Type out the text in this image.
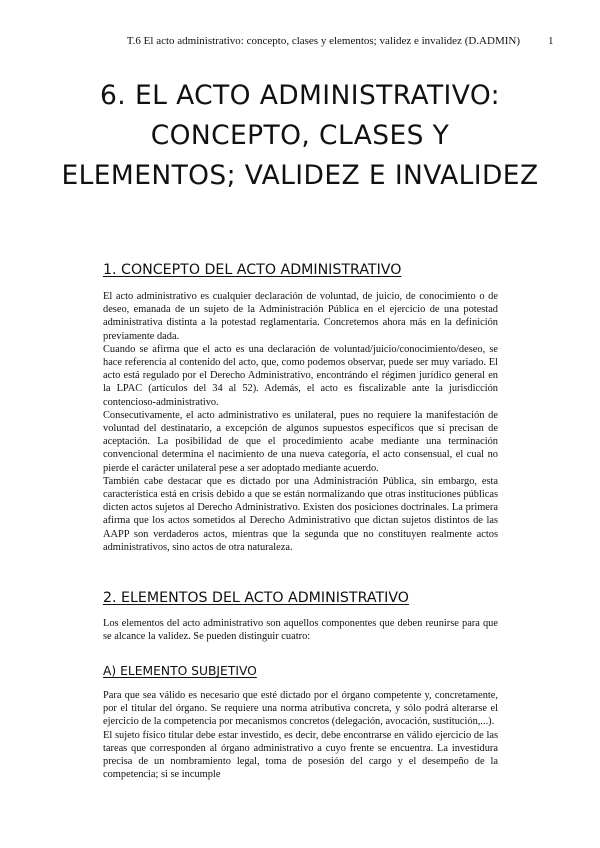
T.6 El acto administrativo: concepto, clases y elementos; validez e invalidez (D.ADMIN)	1
6. EL ACTO ADMINISTRATIVO: CONCEPTO, CLASES Y ELEMENTOS; VALIDEZ E INVALIDEZ
1. CONCEPTO DEL ACTO ADMINISTRATIVO

El acto administrativo es cualquier declaración de voluntad, de juicio, de conocimiento o de deseo, emanada de un sujeto de la Administración Pública en el ejercicio de una potestad administrativa distinta a la potestad reglamentaria. Concretemos ahora más en la definición previamente dada.

Cuando se afirma que el acto es una declaración de voluntad/juicio/conocimiento/deseo, se hace referencia al contenido del acto, que, como podemos observar, puede ser muy variado. El acto está regulado por el Derecho Administrativo, encontrándo el régimen jurídico general en la LPAC (artículos del 34 al 52). Además, el acto es fiscalizable ante la jurisdicción contencioso-administrativo.

Consecutivamente, el acto administrativo es unilateral, pues no requiere la manifestación de voluntad del destinatario, a excepción de algunos supuestos específicos que sí precisan de aceptación. La posibilidad de que el procedimiento acabe mediante una terminación convencional determina el nacimiento de una nueva categoría, el acto consensual, el cual no pierde el carácter unilateral pese a ser adoptado mediante acuerdo.

También cabe destacar que es dictado por una Administración Pública, sin embargo, esta característica está en crisis debido a que se están normalizando que otras instituciones públicas dicten actos sujetos al Derecho Administrativo. Existen dos posiciones doctrinales. La primera afirma que los actos sometidos al Derecho Administrativo que dictan sujetos distintos de las AAPP son verdaderos actos, mientras que la segunda que no constituyen realmente actos administrativos, sino actos de otra naturaleza.

2. ELEMENTOS DEL ACTO ADMINISTRATIVO

Los elementos del acto administrativo son aquellos componentes que deben reunirse para que se alcance la validez. Se pueden distinguir cuatro:

A) ELEMENTO SUBJETIVO

Para que sea válido es necesario que esté dictado por el órgano competente y, concretamente, por el titular del órgano. Se requiere una norma atributiva concreta, y sólo podrá alterarse el ejercicio de la competencia por mecanismos concretos (delegación, avocación, sustitución,...).

El sujeto físico titular debe estar investido, es decir, debe encontrarse en válido ejercicio de las tareas que corresponden al órgano administrativo a cuyo frente se encuentra. La investidura precisa de un nombramiento legal, toma de posesión del cargo y el desempeño de la competencia; si se incumple
